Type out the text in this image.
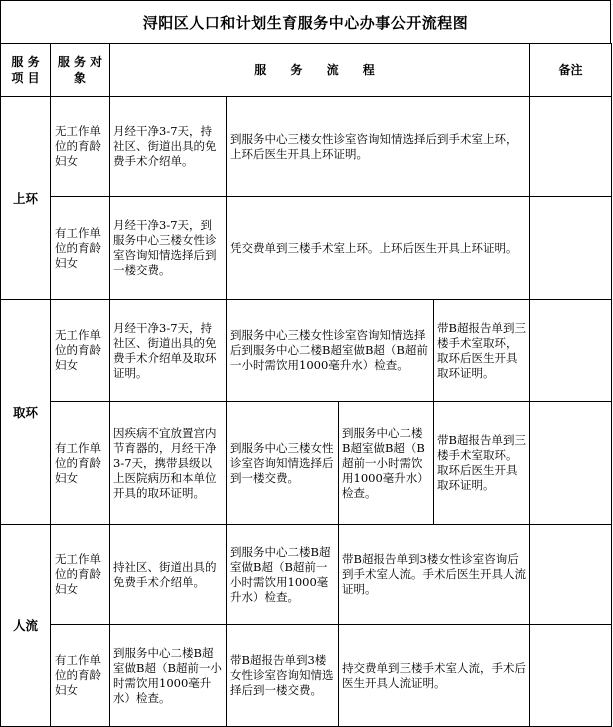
浔阳区人口和计划生育服务中心办事公开流程图
服 务 项 目	服 务 对 象	服 务 流 程				备注
上环	无工作单位的育龄妇女	月经干净3-7天，持社区、街道出具的免费手术介绍单。	到服务中心三楼女性诊室咨询知情选择后到手术室上环，上环后医生开具上环证明。			
	有工作单位的育龄妇女	月经干净3-7天，到服务中心三楼女性诊室咨询知情选择后到一楼交费。	凭交费单到三楼手术室上环。上环后医生开具上环证明。			
取环	无工作单位的育龄妇女	月经干净3-7天，持社区、街道出具的免费手术介绍单及取环证明。	到服务中心三楼女性诊室咨询知情选择后到服务中心二楼B超室做B超（B超前一小时需饮用1000毫升水）检查。		带B超报告单到三楼手术室取环，取环后医生开具取环证明。	
	有工作单位的育龄妇女	因疾病不宜放置宫内节育器的，月经干净3-7天，携带县级以上医院病历和本单位开具的取环证明。	到服务中心三楼女性诊室咨询知情选择后到一楼交费。	到服务中心二楼B超室做B超（B超前一小时需饮用1000毫升水）检查。	带B超报告单到三楼手术室取环。取环后医生开具取环证明。	
人流	无工作单位的育龄妇女	持社区、街道出具的免费手术介绍单。	到服务中心二楼B超室做B超（B超前一小时需饮用1000毫升水）检查。	带B超报告单到3楼女性诊室咨询后到手术室人流。手术后医生开具人流证明。		
	有工作单位的育龄妇女	到服务中心二楼B超室做B超（B超前一小时需饮用1000毫升水）检查。	带B超报告单到3楼女性诊室咨询知情选择后到一楼交费。	持交费单到三楼手术室人流，手术后医生开具人流证明。		
